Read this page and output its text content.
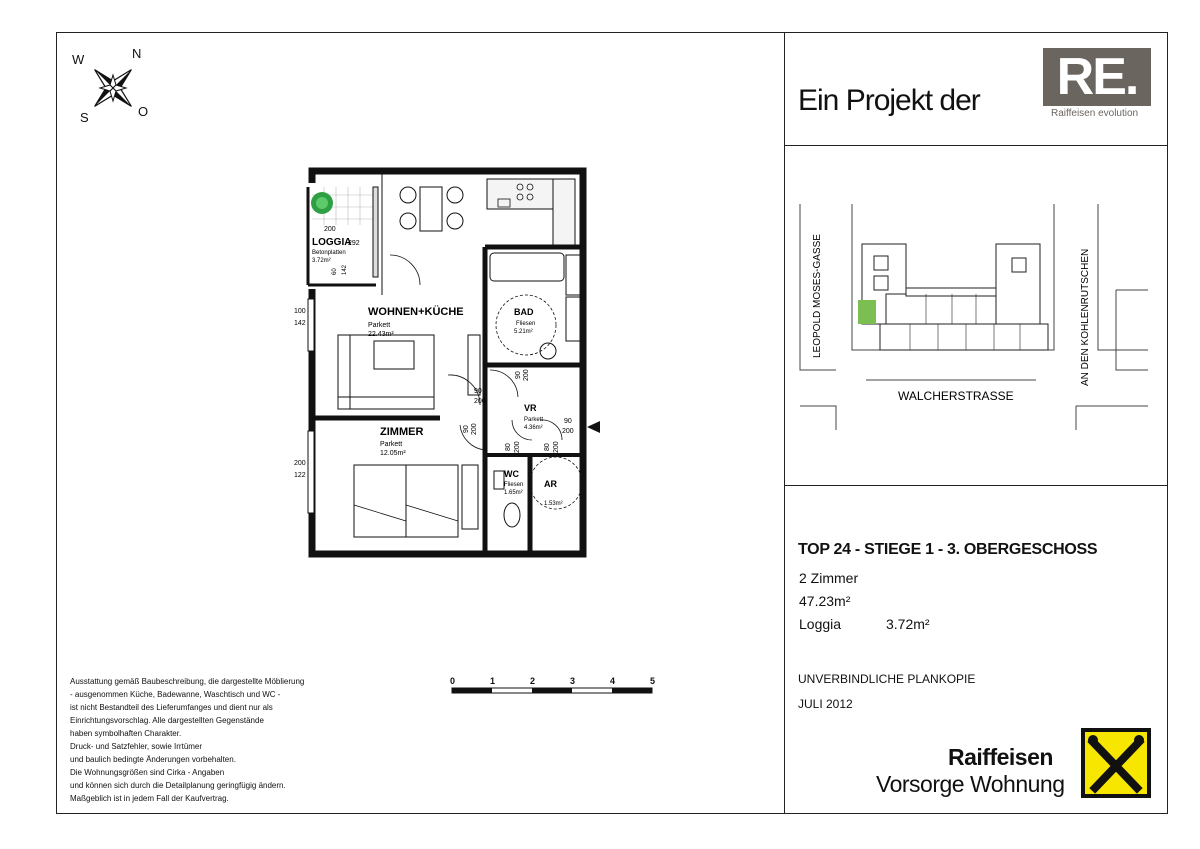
W	N
S	O
LOGGIA
Betonplatten
3.72m²
200
292
60 142
WOHNEN+KÜCHE
Parkett
22.43m²
BAD
Fliesen
5.21m²
VR
Parkett
4.36m²
ZIMMER
Parkett
12.05m²
WC
Fliesen
1.65m²
AR
1.53m²
100
142
200
122
90
200
90 200
90 200
90
200
80 200	80 200
Ausstattung gemäß Baubeschreibung, die dargestellte Möblierung
- ausgenommen Küche, Badewanne, Waschtisch und WC -
ist nicht Bestandteil des Lieferumfanges und dient nur als
Einrichtungsvorschlag. Alle dargestellten Gegenstände
haben symbolhaften Charakter.
Druck- und Satzfehler, sowie Irrtümer
und baulich bedingte Änderungen vorbehalten.
Die Wohnungsgrößen sind Cirka - Angaben
und können sich durch die Detailplanung geringfügig ändern.
Maßgeblich ist in jedem Fall der Kaufvertrag.
0	1	2	3	4	5
Ein Projekt der RE.
Raiffeisen evolution
LEOPOLD MOSES-GASSE	AN DEN KOHLENRUTSCHEN
WALCHERSTRASSE
TOP 24 - STIEGE 1 - 3. OBERGESCHOSS
2 Zimmer
47.23m²
Loggia	3.72m²
UNVERBINDLICHE PLANKOPIE
JULI 2012
Raiffeisen
Vorsorge Wohnung
